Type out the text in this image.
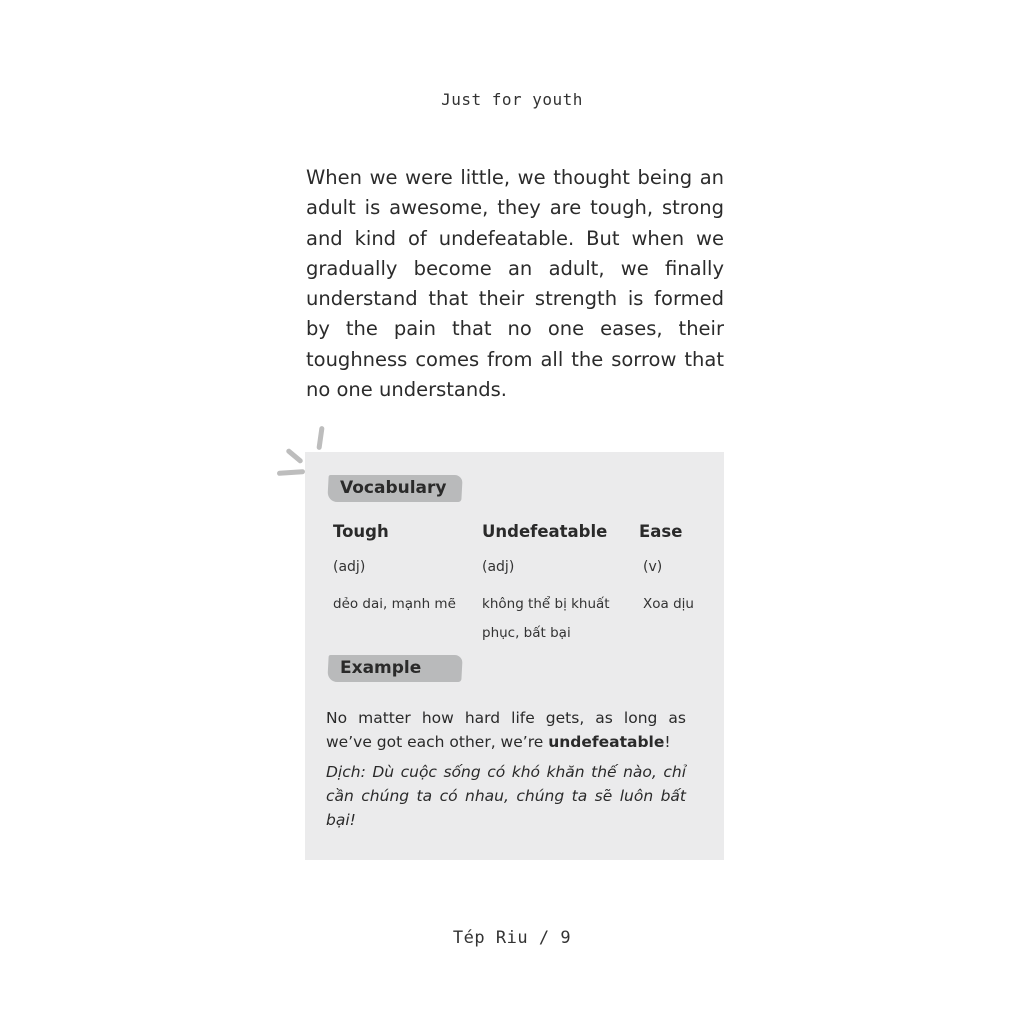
Just for youth

When we were little, we thought being an adult is awesome, they are tough, strong and kind of undefeatable. But when we gradually become an adult, we finally understand that their strength is formed by the pain that no one eases, their toughness comes from all the sorrow that no one understands.

Vocabulary
Tough
(adj)
dẻo dai, mạnh mẽ
Undefeatable
(adj)
không thể bị khuất phục, bất bại
Ease
(v)
Xoa dịu
Example

No matter how hard life gets, as long as we’ve got each other, we’re undefeatable!

Dịch: Dù cuộc sống có khó khăn thế nào, chỉ cần chúng ta có nhau, chúng ta sẽ luôn bất bại!

Tép Riu / 9
